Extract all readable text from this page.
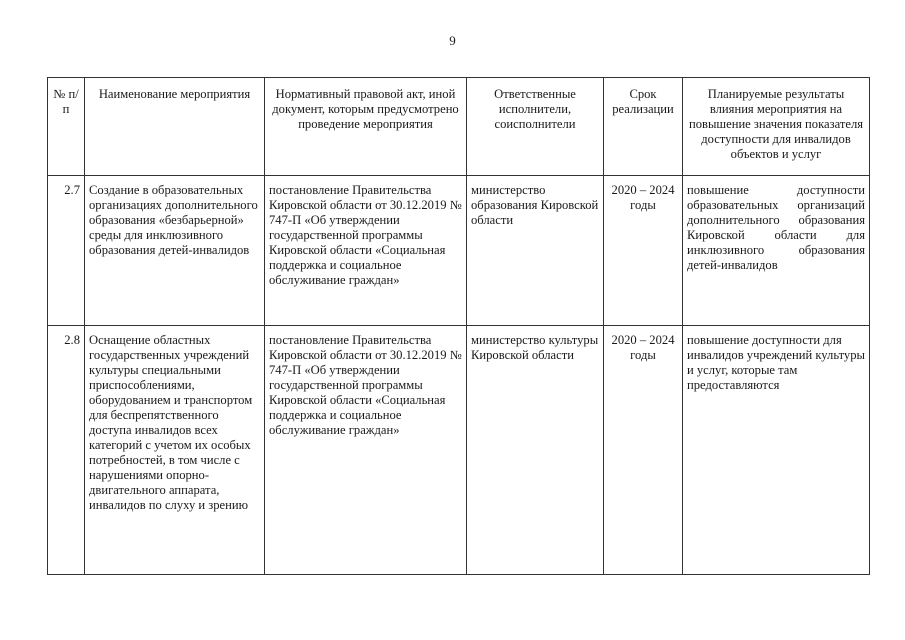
9
№ п/п	Наименование мероприятия	Нормативный правовой акт, иной документ, которым предусмотрено проведение мероприятия	Ответственные исполнители, соисполнители	Срок реализации	Планируемые результаты влияния мероприятия на повышение значения показателя доступности для инвалидов объектов и услуг
2.7	Создание в образовательных организациях дополнительного образования «безбарьерной» среды для инклюзивного образования детей-инвалидов	постановление Правительства Кировской области от 30.12.2019 № 747-П «Об утверждении государственной программы Кировской области «Социальная поддержка и социальное обслуживание граждан»	министерство образования Кировской области	2020 – 2024 годы	повышение доступности образовательных организаций дополнительного образования Кировской области для инклюзивного образования детей-инвалидов
2.8	Оснащение областных государственных учреждений культуры специальными приспособлениями, оборудованием и транспортом для беспрепятственного доступа инвалидов всех категорий с учетом их особых потребностей, в том числе с нарушениями опорно-двигательного аппарата, инвалидов по слуху и зрению	постановление Правительства Кировской области от 30.12.2019 № 747-П «Об утверждении государственной программы Кировской области «Социальная поддержка и социальное обслуживание граждан»	министерство культуры Кировской области	2020 – 2024 годы	повышение доступности для инвалидов учреждений культуры и услуг, которые там предоставляются
